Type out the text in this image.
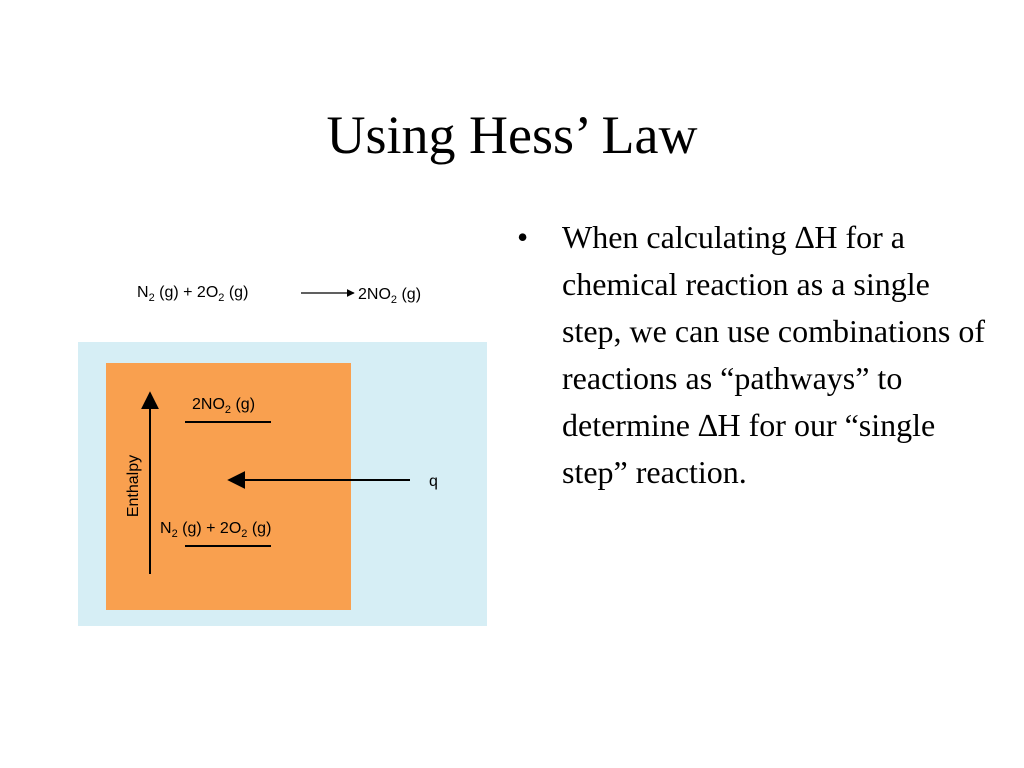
Using Hess’ Law
• When calculating ∆H for a chemical reaction as a single step, we can use combinations of reactions as “pathways” to determine ∆H for our “single step” reaction.
$N_2$ $(g) + 2O_2$ (g)	$2NO_2$ (g)
Enthalpy
$2NO_2$ (g)
$N_2$ $(g) + 2O_2$ (g)
q
